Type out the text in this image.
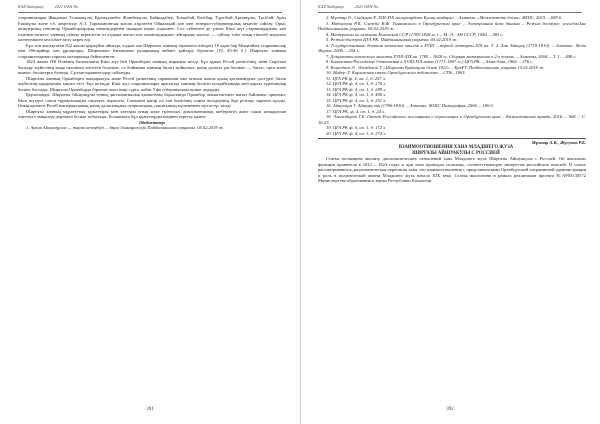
KAZ Хабарлар	2021 ISSN No

старшиналары Жақызын Тәлмашұлы, Құлмұхамбет Жәнібекұлы, Байқыдабек, Тоғызбай, Көтібар, Тұрғібай Арғынұлы, Тұсібай, Арал Ешімұлы және т.б. кеңесінде А.З. Тарихыновтың жасап әзірлеген Ойқалақай хан мен генерал-губернаторлық кеңесін сайлау. Орыс өкімдерінің сеновтар Орынборлардың шешімдерінен шыққан көріп алдымен. Сол себептен де үлкен Кіші жүз старшиндарына хан ісімінен немесе ханның сайлау керектігін өз алдына жасап ала алмағандықтан, айтарлық мәселе — сайлау ісіне оның тікелей жауапты шенеунікпен келісімге келу керек еді.

Бұл хан жасақтаған 822 жылы қыркүйек айында, алдын ала Ширғазы ханның тарихына өзіндегі 18 адам бар Мыңғайлы старшиналар мен Әбілқайыр хан ұрпақтары, Ширғазыға бағынатын руларының кейінгі қайтару берілген [19, 45-46 б.]. Ширғазы ханның старшиналармен тарихы хаттарында бейнеленген.

1824 жылы ПК Өлкенің басшылығы Кіші жүз бен Орынборға ханның жарлығы келді. Бұл құжат Ресей үкіметінің, яғни Сырттан басқару жүйесінің жаңа нысанын енгізген болатын, ол бойынша ханның билігі жойылып, қазақ даласы үш бөлікке — батыс, орта және шығыс бөліктерге бөлінді. Сұлтан-правителдер сайланды.

Ширғазы ханның Орынборға шақырылуы және Ресей үкіметінің тарапынан хан атағын жоюы қазақ қоғамындағы дәстүрлі билік жүйесінің ыдырауына ықпал етті. Бұл кезеңде Кіші жүз старшиналары арасында ханның билігін қолдайтындар мен қарсы тұратындар бөліне бастады. Ширғазы Орынборда бірнеше жыл өмір сүріп, кейін Уфа губерниясына қоныс аударды.

Қорытынды: Ширғазы Айшуақұлы өзінің дипломатиялық қызметінің барысында Орынбор әкімшілігімен тығыз байланыс орнатып, Кіші жүздегі саяси тұрақтылықты сақтауға тырысты. Сонымен қатар ол хан билігінің соңғы өкілдерінің бірі ретінде тарихта қалды. Оның қызметі Ресей империясының қазақ даласындағы отаршылдық саясатының күшеюімен тұспа-тұс келді.

Ширғазы ханның мұрағаттық құжаттары мен хаттары оның жеке тұлғасын, дипломатиялық шеберлігін және саяси көзқарасын зерттеуге маңызды дереккөз болып табылады. Болашақта бұл құжаттарды кеңінен зерттеу қажет.

Әдебиеттер:

1. Архив Айшуақұлов — тарих кезеңдері. – https://каzаqtar.info Пайдаланылған уақыты: 05.02.2019 ж.

391
KAZ Хабарлар	2021 ISSN No

2. Мұхтар Ә., Сыдықов Е. XIII-XIX ғасырлардағы Қазақ хандары. – Алматы: «Мемлекеттік баспа» ЖШС, 2015. – 688 б.

3. Набиуллин Р.К. Служба В.Ф. Тимковского в Оренбургском крае – Электронная база данных – Режим доступа: www.hist.kaz Пайдаланылған уақыты: 05.02.2019 ж.

4. Материалы по истории Казахской ССР (1785-1828 гг.). – М.-Л.: АН СССР, 1940. – 583 с.

5. Режим доступа ЦГА РК. Пайдаланылған уақыты: 05.02.2019 ж.

6. Государственные деятели казахских ханств в XVIII – первой четверти XIX вв. Т. 2. Хан Айшуақ (1719-1810). – Алматы: Жеті Жарғы, 2006. – 254 с.

7. Документы казахского ханства XVIII-XIX вв. 1785 – 1828 гг. Сборник материалов в 2-х томах. – Алматы, 2004. – Т. 1. – 408 с.

8. Казахстан-Российские Отношения в XVIII-XIX веках (1771-1867 гг.) ЦГА РК. – Алма-Ата, 1964. – 576 с.

9. Кеңесбаев Ә., Әлімбеков Т. «Ширғазы Қайыпұлы білімі 1823» – ҚазҰУ. Пайдаланылған уақыты 15.02.2019 ж.

10. Майер Л. Киргизская степь Оренбургского ведомства. – СПб., 1865.

11. ЦГА РК ф. 4, оп. 1, д. 257 л.

12. ЦГА РК ф. 4, оп. 1, д. 276 л.

13. ЦГА РК ф. 4, оп. 1, д. 289 л.

14. ЦГА РК ф. 4, оп. 1, д. 496 л.

15. ЦГА РК ф. 4, оп. 1, д. 251 л.

16. Айшуақов Т. Айшуақ хан (1786-1810). – Алматы: ЖШС Полиграфия, 2006. – 180 б.

17. ЦГА РК, ф. 4, оп. 1, д. 24 л.

18. Эльгиздаров Г.Б. Отчет Российского посланника о переговорах в Оренбургском крае – Казахстанская правда, 2016. – №8. – С. 16-25.

19. ЦГА РК ф. 4, оп. 1, д. 172 л.

20. ЦГА РК ф. 4, оп. 1, д. 274 л.

Мұхтар А.К., Жүсупов Р.Б.

ВЗАИМООТНОШЕНИЯ ХАНА МЛАДШЕГО ЖУЗА

ШИРГАЗЫ АЙШУАКУЛЫ С РОССИЕЙ

Статья посвящена анализу дипломатических отношений хана Младшего жуза Ширгазы Айшуакулы с Россией. Он выполнял функции правителя в 1812 – 1824 годах и при этом проводил политику, соответствующую интересам российских властей. В статье рассматриваются дипломатическая переписка хана, его взаимоотношения с представителями Оренбургской пограничной администрации и роль в политической жизни Младшего жуза начала XIX века. Статья выполнена в рамках реализации проекта №АР05130572 Министерства образования и науки Республики Казахстан.

392
